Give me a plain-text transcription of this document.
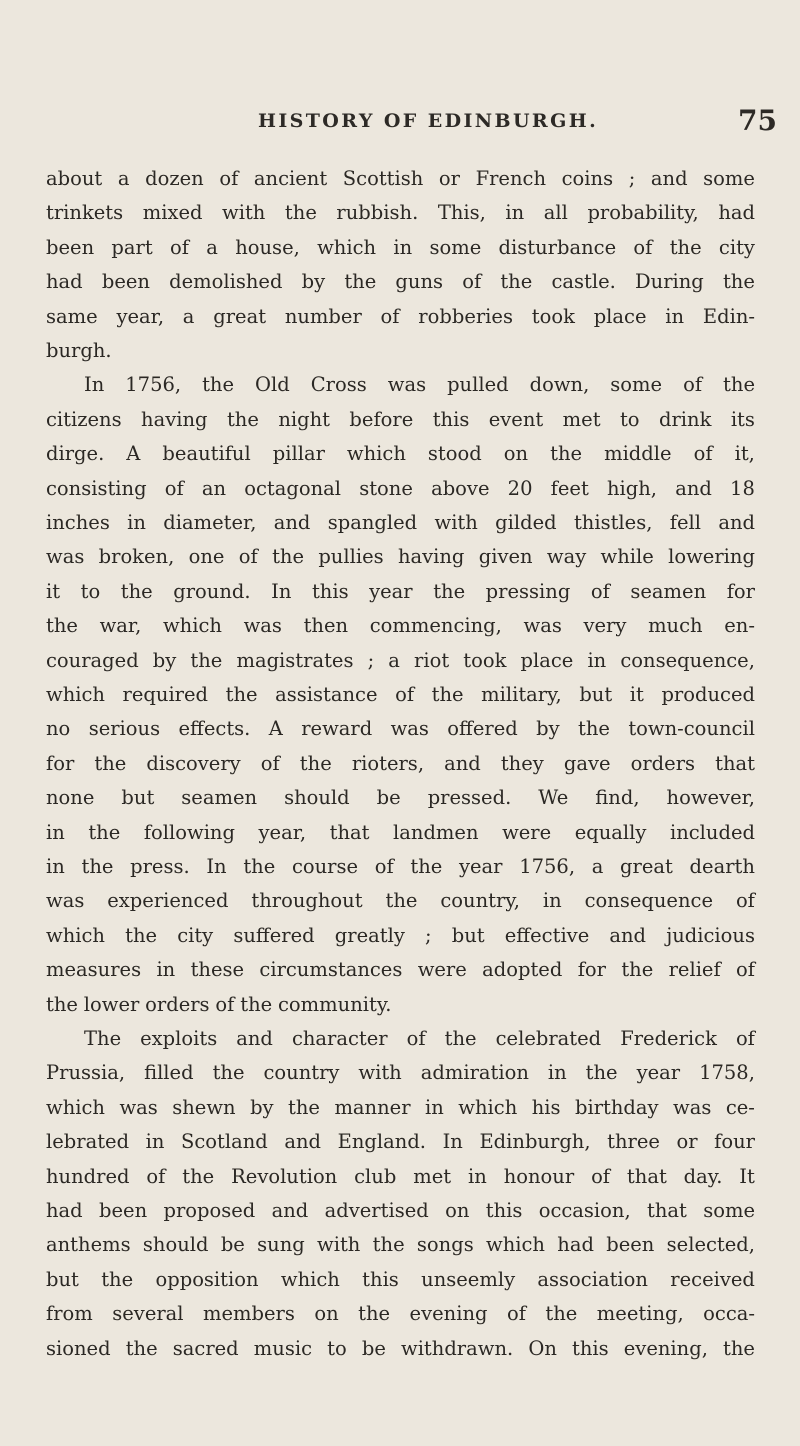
HISTORY OF EDINBURGH.	75
about a dozen of ancient Scottish or French coins ; and some
trinkets mixed with the rubbish. This, in all probability, had
been part of a house, which in some disturbance of the city
had been demolished by the guns of the castle. During the
same year, a great number of robberies took place in Edin-
burgh.
In 1756, the Old Cross was pulled down, some of the
citizens having the night before this event met to drink its
dirge. A beautiful pillar which stood on the middle of it,
consisting of an octagonal stone above 20 feet high, and 18
inches in diameter, and spangled with gilded thistles, fell and
was broken, one of the pullies having given way while lowering
it to the ground. In this year the pressing of seamen for
the war, which was then commencing, was very much en-
couraged by the magistrates ; a riot took place in consequence,
which required the assistance of the military, but it produced
no serious effects. A reward was offered by the town-council
for the discovery of the rioters, and they gave orders that
none but seamen should be pressed. We find, however,
in the following year, that landmen were equally included
in the press. In the course of the year 1756, a great dearth
was experienced throughout the country, in consequence of
which the city suffered greatly ; but effective and judicious
measures in these circumstances were adopted for the relief of
the lower orders of the community.
The exploits and character of the celebrated Frederick of
Prussia, filled the country with admiration in the year 1758,
which was shewn by the manner in which his birthday was ce-
lebrated in Scotland and England. In Edinburgh, three or four
hundred of the Revolution club met in honour of that day. It
had been proposed and advertised on this occasion, that some
anthems should be sung with the songs which had been selected,
but the opposition which this unseemly association received
from several members on the evening of the meeting, occa-
sioned the sacred music to be withdrawn. On this evening, the
